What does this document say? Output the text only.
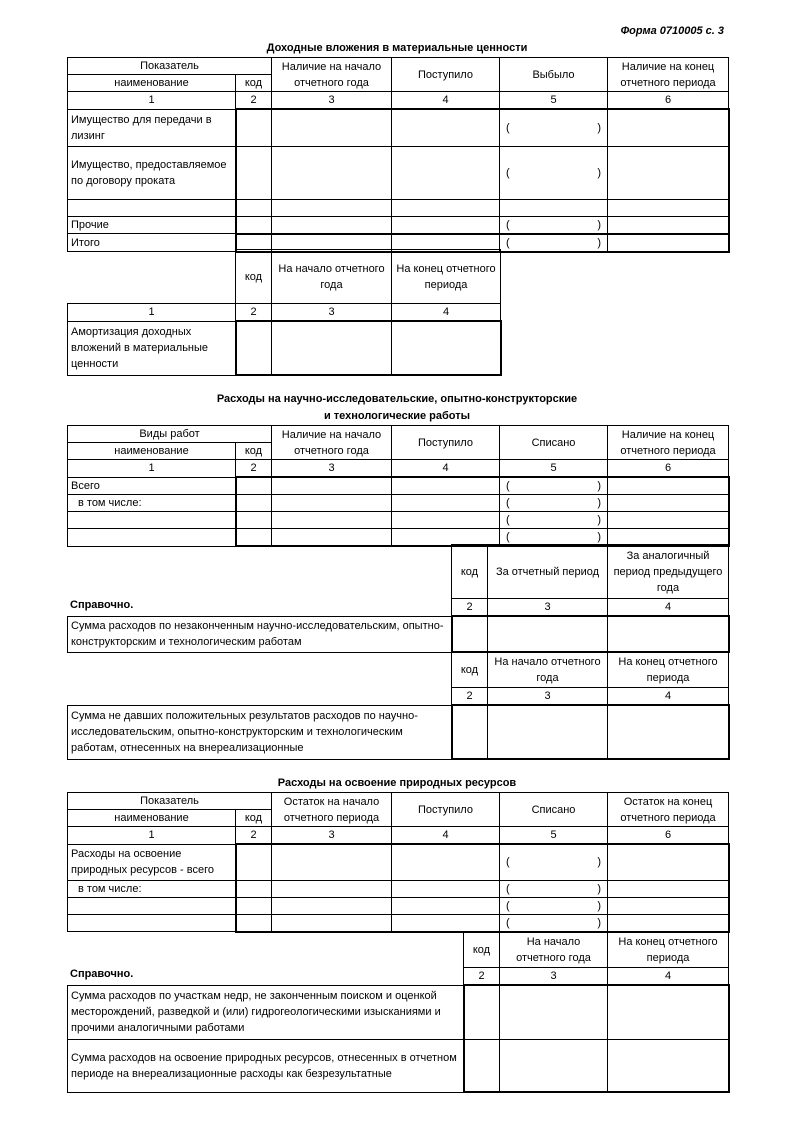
Форма 0710005 с. 3
Доходные вложения в материальные ценности
Показатель		Наличие на начало отчетного года	Поступило	Выбыло	Наличие на конец отчетного периода
наименование	код				
1	2	3	4	5	6
Имущество для передачи в лизинг				( )	

Имущество, предоставляемое по договору проката				( )	

Прочие				( )	

Итого				( )	

	код	На начало отчетного года	На конец отчетного периода
1	2	3	4
Амортизация доходных вложений в материальные ценности			
Расходы на научно-исследовательские, опытно-конструкторские
и технологические работы
Виды работ		Наличие на начало отчетного года	Поступило	Списано	Наличие на конец отчетного периода
наименование	код				
1	2	3	4	5	6
Всего				( )	

в том числе:				( )	

				( )	

				( )	

Справочно.
код	За отчетный период	За аналогичный период предыдущего года
2	3	4
Сумма расходов по незаконченным научно-исследовательским, опытно-конструкторским и технологическим работам			
код	На начало отчетного года	На конец отчетного периода
2	3	4
Сумма не давших положительных результатов расходов по научно-исследовательским, опытно-конструкторским и технологическим работам, отнесенных на внереализационные			
Расходы на освоение природных ресурсов
Показатель		Остаток на начало отчетного периода	Поступило	Списано	Остаток на конец отчетного периода
наименование	код				
1	2	3	4	5	6
Расходы на освоение природных ресурсов - всего				( )	

в том числе:				( )	

				( )	

				( )	

Справочно.
код	На начало отчетного года	На конец отчетного периода
2	3	4
Сумма расходов по участкам недр, не законченным поиском и оценкой месторождений, разведкой и (или) гидрогеологическими изысканиями и прочими аналогичными работами			
Сумма расходов на освоение природных ресурсов, отнесенных в отчетном периоде на внереализационные расходы как безрезультатные			
